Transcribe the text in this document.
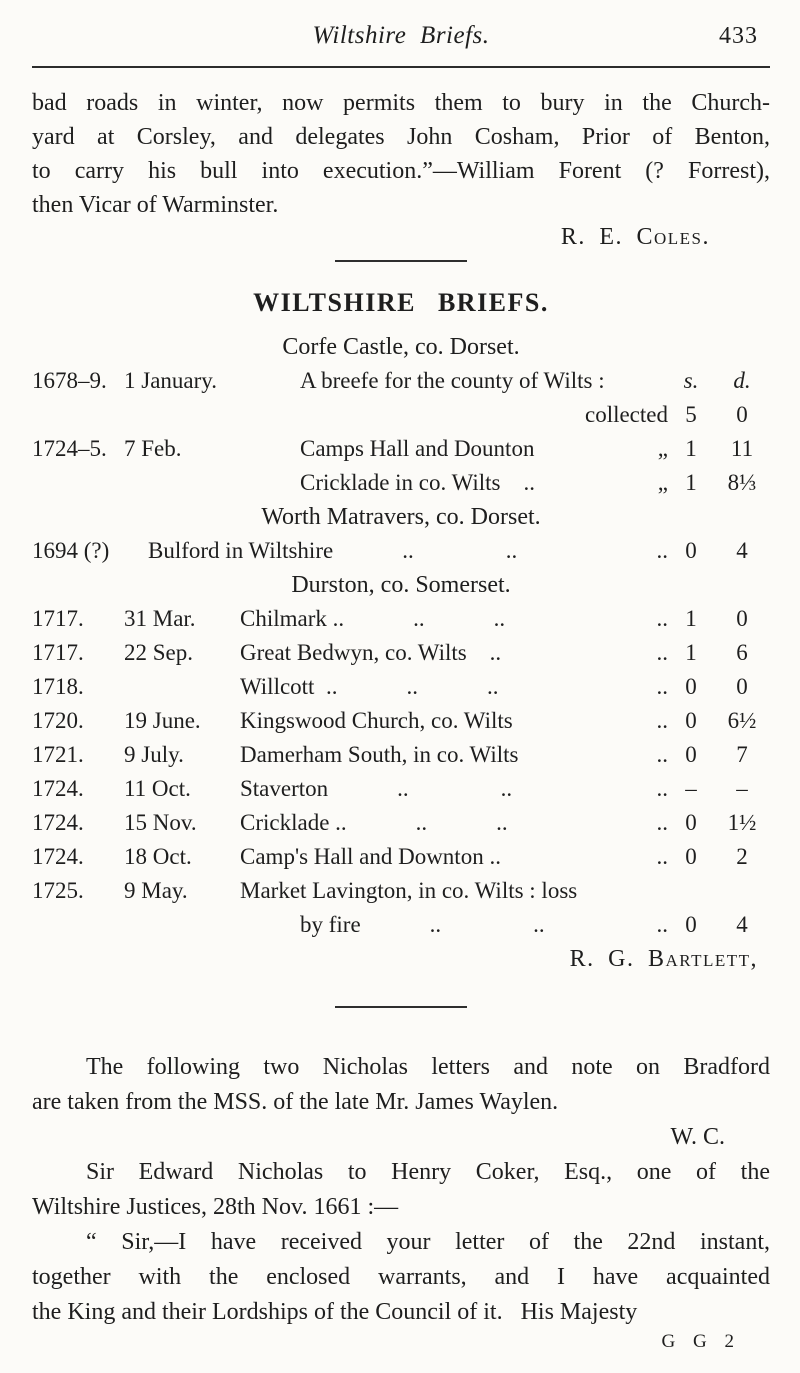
Wiltshire Briefs.	433
bad roads in winter, now permits them to bury in the Church-
yard at Corsley, and delegates John Cosham, Prior of Benton,
to carry his bull into execution.”—William Forent (? Forrest),
then Vicar of Warminster.
R. E. Coles.
WILTSHIRE BRIEFS.
Corfe Castle, co. Dorset.
1678–9. 1 January.	A breefe for the county of Wilts :	s.	d.
collected 5	0
1724–5. 7 Feb.	Camps Hall and Dounton	„ 1	11
Cricklade in co. Wilts ..	„ 1	8⅓
Worth Matravers, co. Dorset.
1694 (?) Bulford in Wiltshire   ..    ..	.. 0	4
Durston, co. Somerset.
1717.	31 Mar. Chilmark ..   ..   ..	.. 1	0
1717.	22 Sep. Great Bedwyn, co. Wilts ..	.. 1	6
1718.	Willcott ..   ..   ..	.. 0	0
1720.	19 June. Kingswood Church, co. Wilts	.. 0	6½
1721.	9 July. Damerham South, in co. Wilts	.. 0	7
1724.	11 Oct. Staverton   ..    ..	.. –	–
1724.	15 Nov. Cricklade ..   ..   ..	.. 0	1½
1724.	18 Oct. Camp's Hall and Downton ..	.. 0	2
1725.	9 May. Market Lavington, in co. Wilts : loss
by fire   ..    ..	.. 0	4
R. G. Bartlett,
The following two Nicholas letters and note on Bradford
are taken from the MSS. of the late Mr. James Waylen.
W. C.
Sir Edward Nicholas to Henry Coker, Esq., one of the
Wiltshire Justices, 28th Nov. 1661 :—
“ Sir,—I have received your letter of the 22nd instant,
together with the enclosed warrants, and I have acquainted
the King and their Lordships of the Council of it.  His Majesty
G G 2
